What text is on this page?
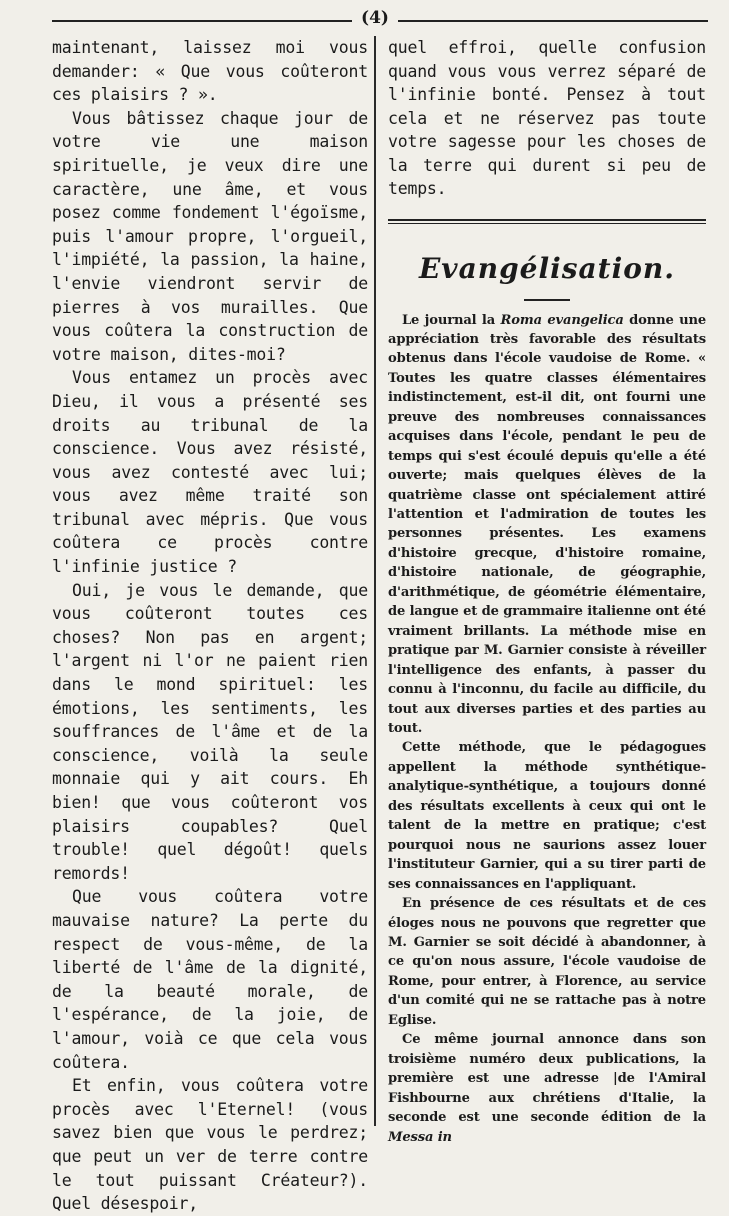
(4)

maintenant, laissez moi vous demander: « Que vous coûteront ces plaisirs ? ».

Vous bâtissez chaque jour de votre vie une maison spirituelle, je veux dire une caractère, une âme, et vous posez comme fondement l'égoïsme, puis l'amour propre, l'orgueil, l'impiété, la passion, la haine, l'envie viendront servir de pierres à vos murailles. Que vous coûtera la construction de votre maison, dites-moi?

Vous entamez un procès avec Dieu, il vous a présenté ses droits au tribunal de la conscience. Vous avez résisté, vous avez contesté avec lui; vous avez même traité son tribunal avec mépris. Que vous coûtera ce procès contre l'infinie justice ?

Oui, je vous le demande, que vous coûteront toutes ces choses? Non pas en argent; l'argent ni l'or ne paient rien dans le mond spirituel: les émotions, les sentiments, les souffrances de l'âme et de la conscience, voilà la seule monnaie qui y ait cours. Eh bien! que vous coûteront vos plaisirs coupables? Quel trouble! quel dégoût! quels remords!

Que vous coûtera votre mauvaise nature? La perte du respect de vous-même, de la liberté de l'âme de la dignité, de la beauté morale, de l'espérance, de la joie, de l'amour, voià ce que cela vous coûtera.

Et enfin, vous coûtera votre procès avec l'Eternel! (vous savez bien que vous le perdrez; que peut un ver de terre contre le tout puissant Créateur?). Quel désespoir,

quel effroi, quelle confusion quand vous vous verrez séparé de l'infinie bonté. Pensez à tout cela et ne réservez pas toute votre sagesse pour les choses de la terre qui durent si peu de temps.

Evangélisation.

Le journal la Roma evangelica donne une appréciation très favorable des résultats obtenus dans l'école vaudoise de Rome. « Toutes les quatre classes élémentaires indistinctement, est-il dit, ont fourni une preuve des nombreuses connaissances acquises dans l'école, pendant le peu de temps qui s'est écoulé depuis qu'elle a été ouverte; mais quelques élèves de la quatrième classe ont spécialement attiré l'attention et l'admiration de toutes les personnes présentes. Les examens d'histoire grecque, d'histoire romaine, d'histoire nationale, de géographie, d'arithmétique, de géométrie élémentaire, de langue et de grammaire italienne ont été vraiment brillants. La méthode mise en pratique par M. Garnier consiste à réveiller l'intelligence des enfants, à passer du connu à l'inconnu, du facile au difficile, du tout aux diverses parties et des parties au tout.

Cette méthode, que le pédagogues appellent la méthode synthétique-analytique-synthétique, a toujours donné des résultats excellents à ceux qui ont le talent de la mettre en pratique; c'est pourquoi nous ne saurions assez louer l'instituteur Garnier, qui a su tirer parti de ses connaissances en l'appliquant.

En présence de ces résultats et de ces éloges nous ne pouvons que regretter que M. Garnier se soit décidé à abandonner, à ce qu'on nous assure, l'école vaudoise de Rome, pour entrer, à Florence, au service d'un comité qui ne se rattache pas à notre Eglise.

Ce même journal annonce dans son troisième numéro deux publications, la première est une adresse |de l'Amiral Fishbourne aux chrétiens d'Italie, la seconde est une seconde édition de la Messa in
